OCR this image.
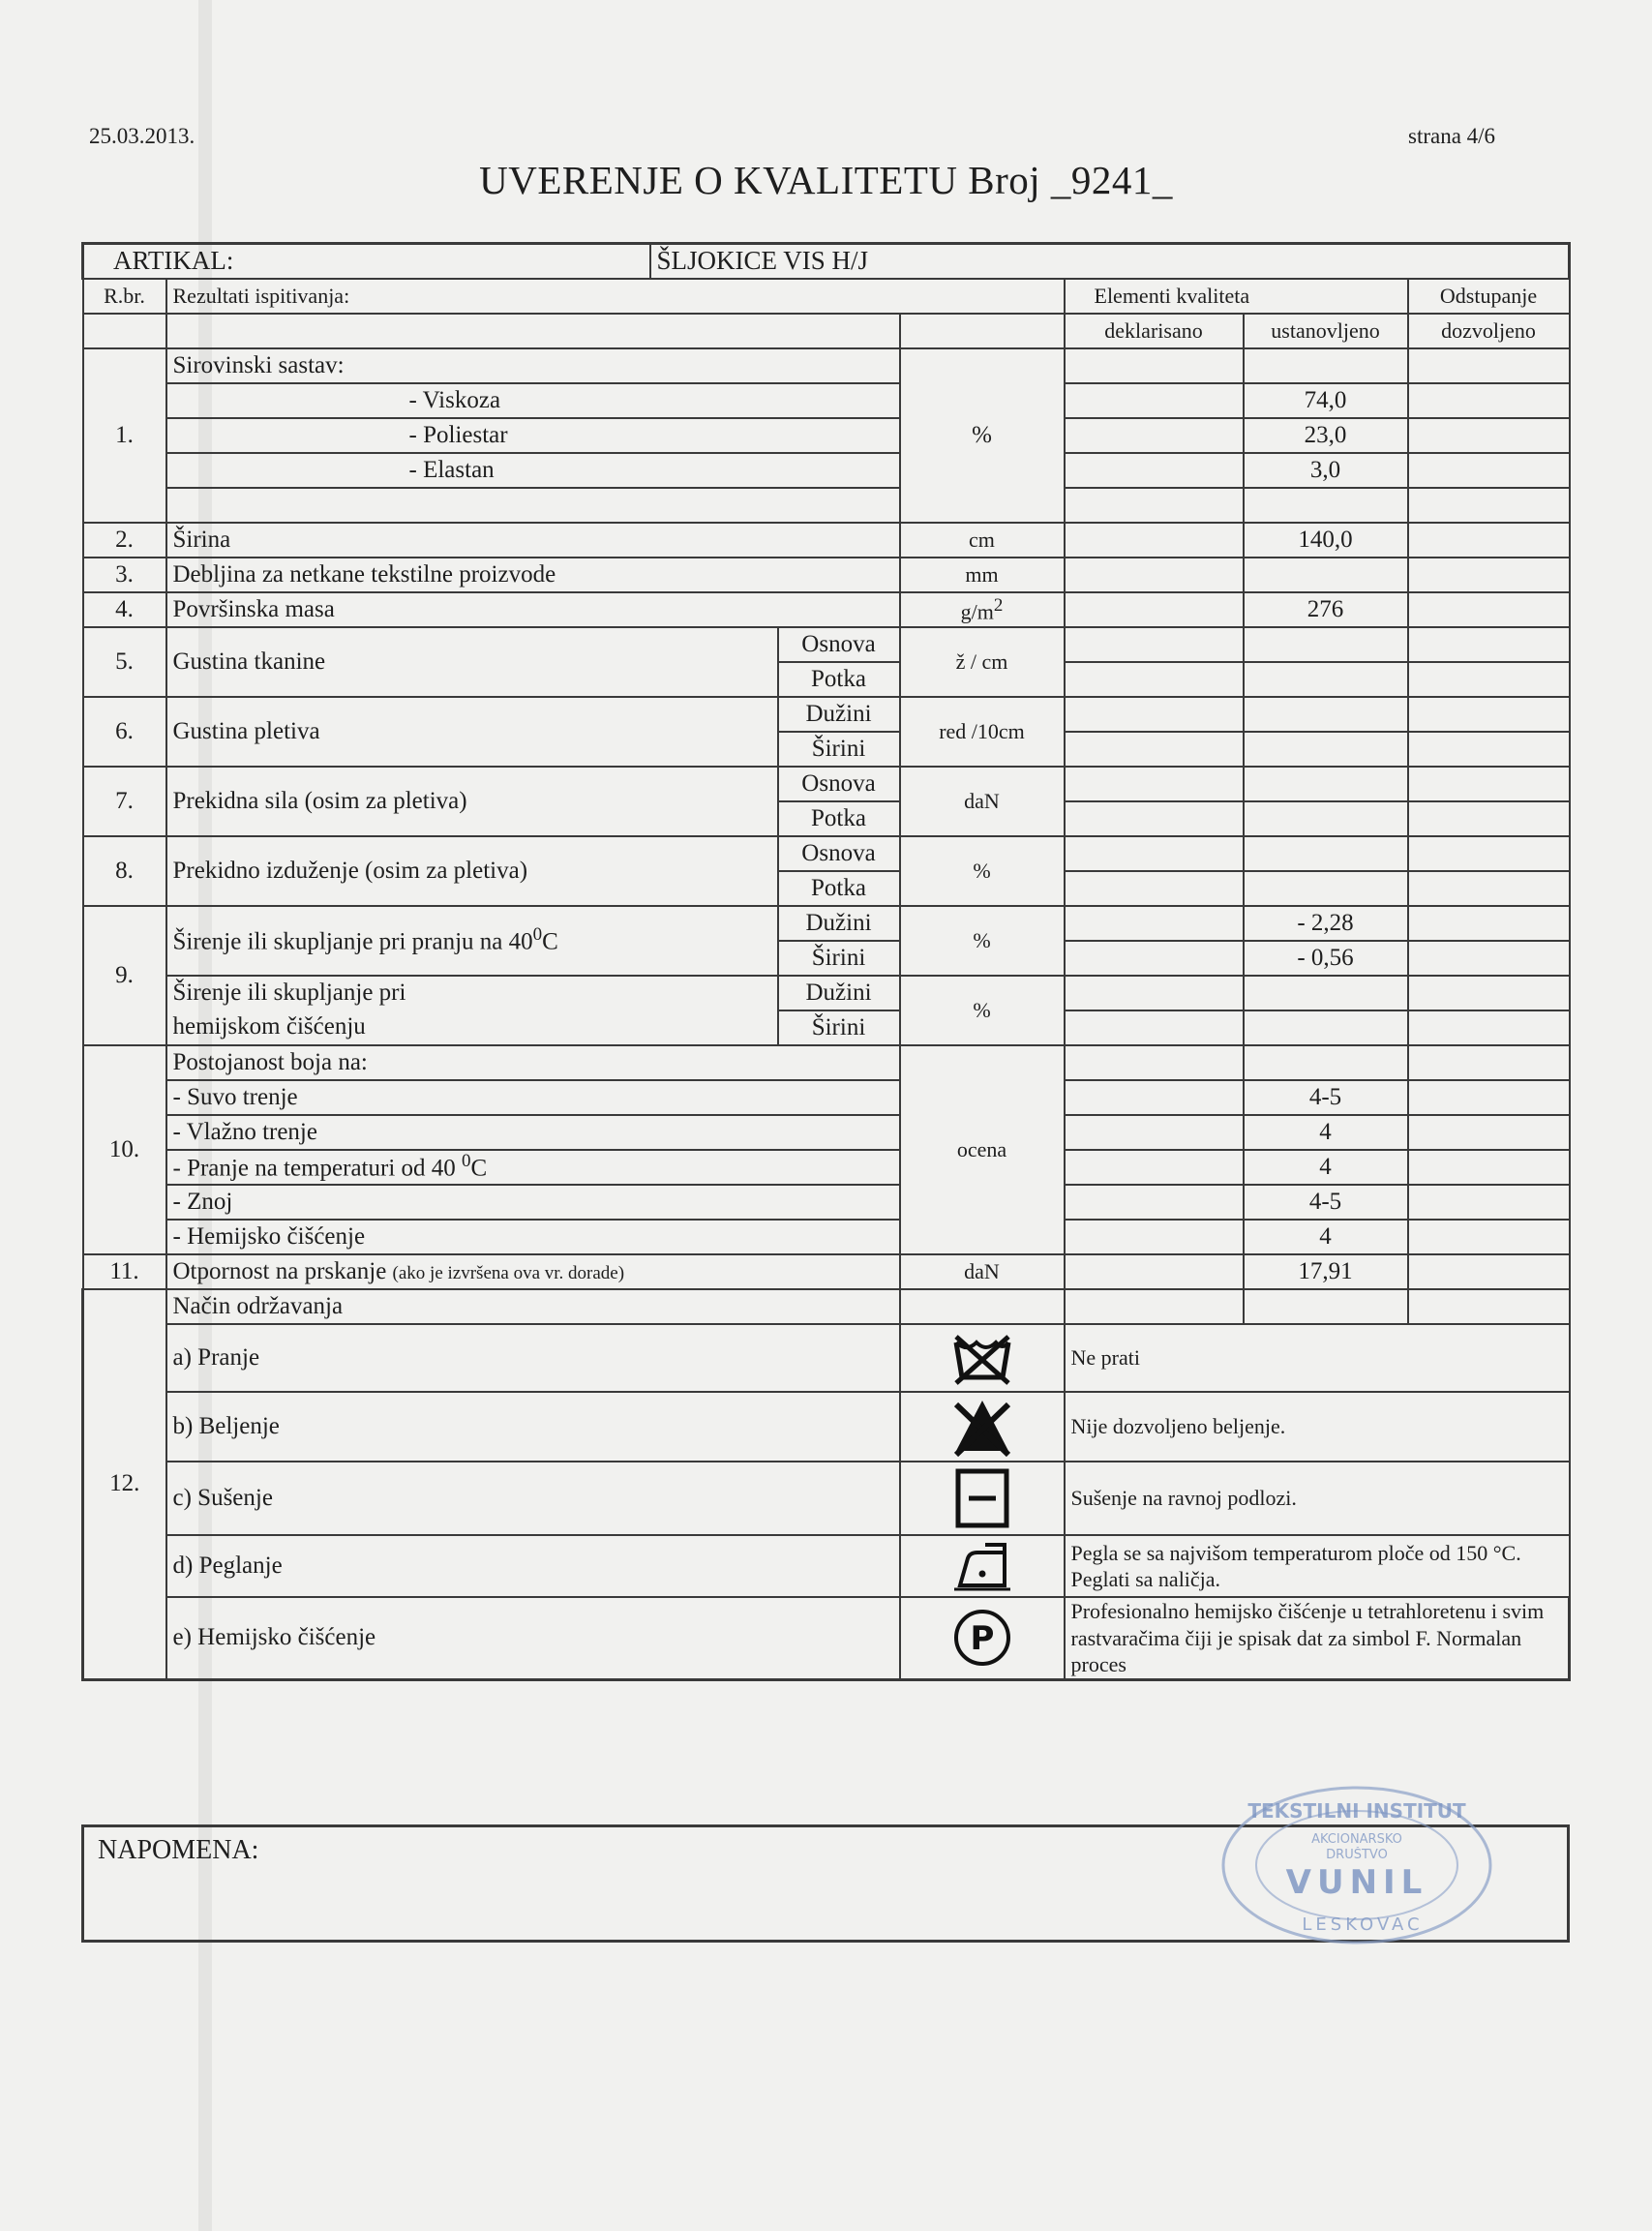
25.03.2013.	strana 4/6
UVERENJE O KVALITETU Broj _9241_
ARTIKAL:		ŠLJOKICE VIS H/J						
R.br.	Rezultati ispitivanja:				Elementi kvaliteta		Odstupanje	
					deklarisano	ustanovljeno	dozvoljeno	
1.	Sirovinski sastav:			%				
	- Viskoza					74,0		
	- Poliestar					23,0		
	- Elastan					3,0		

2.	Širina			cm		140,0		
3.	Debljina za netkane tekstilne proizvode			mm				
4.	Površinska masa			$g/m^2$		276		
5.	Gustina tkanine		Osnova	ž / cm				
			Potka					
6.	Gustina pletiva		Dužini	red /10cm				
			Širini					
7.	Prekidna sila (osim za pletiva)		Osnova	daN				
			Potka					
8.	Prekidno izduženje (osim za pletiva)		Osnova	%				
			Potka					
9.	Širenje ili skupljanje pri pranju na $40^0C$		Dužini	%		- 2,28		
			Širini			- 0,56		
	Širenje ili skupljanje pri		Dužini	%				
	hemijskom čišćenju		Širini					
10.	Postojanost boja na:			ocena				
	- Suvo trenje					4-5		
	- Vlažno trenje					4		
	- Pranje na temperaturi od 40 $^0$C					4		
	- Znoj					4-5		
	- Hemijsko čišćenje					4		
11.	Otpornost na prskanje (ako je izvršena ova vr. dorade)			daN		17,91		
12.	Način održavanja							
	a) Pranje				Ne prati			
	b) Beljenje				Nije dozvoljeno beljenje.			
	c) Sušenje				Sušenje na ravnoj podlozi.			
	d) Peglanje				Pegla se sa najvišom temperaturom ploče od 150 °C.
Peglati sa naličja.			

	e) Hemijsko čišćenje			P	Profesionalno hemijsko čišćenje u tetrahloretenu i svim
rastvaračima čiji je spisak dat za simbol F. Normalan proces			
NAPOMENA:
TEKSTILNI INSTITUT
AKCIONARSKO
DRUŠTVO
VUNIL
LESKOVAC
